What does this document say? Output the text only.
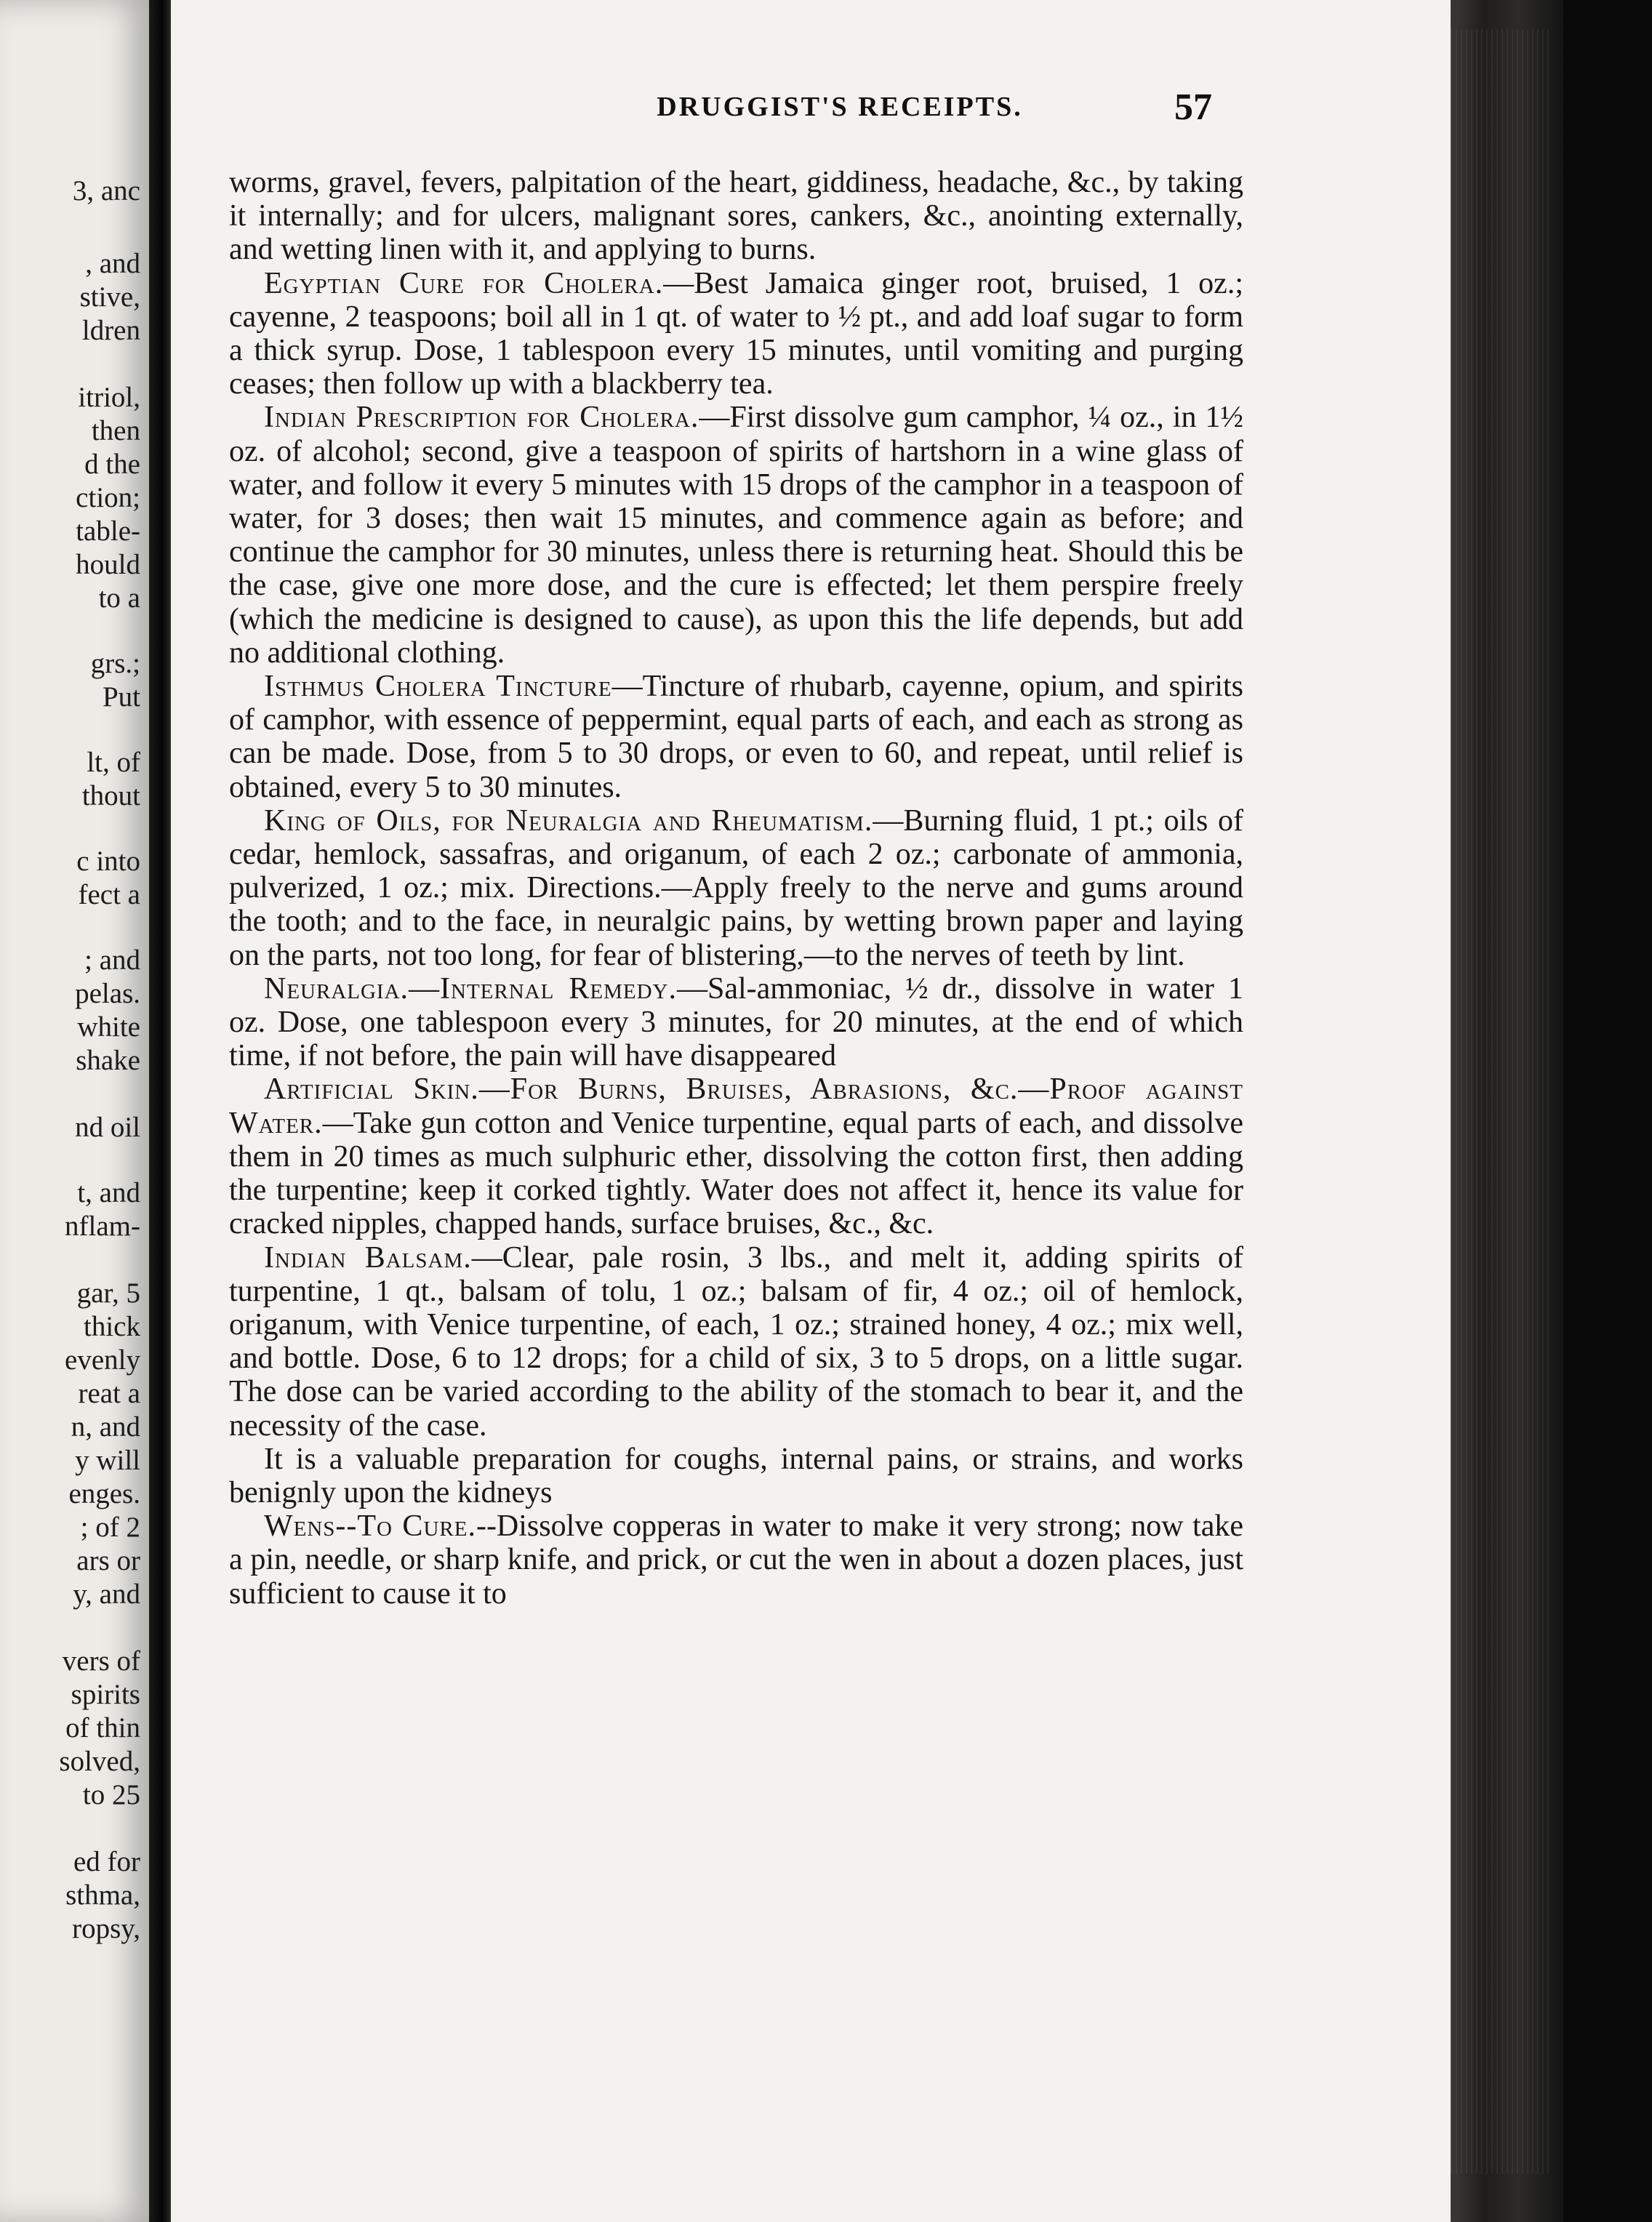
3, anc
, and
stive,
ldren
itriol,
then
d the
ction;
table-
hould
to a
grs.;
Put
lt, of
thout
c into
fect a
; and
pelas.
white
shake
nd oil
t, and
nflam-
gar, 5
thick
evenly
reat a
n, and
y will
enges.
; of 2
ars or
y, and
vers of
spirits
of thin
solved,
to 25
ed for
sthma,
ropsy,
DRUGGIST'S RECEIPTS.	57

worms, gravel, fevers, palpitation of the heart, giddiness, headache, &c., by taking it internally; and for ulcers, malignant sores, cankers, &c., anointing externally, and wetting linen with it, and applying to burns.

Egyptian Cure for Cholera.—Best Jamaica ginger root, bruised, 1 oz.; cayenne, 2 teaspoons; boil all in 1 qt. of water to ½ pt., and add loaf sugar to form a thick syrup. Dose, 1 tablespoon every 15 minutes, until vomiting and purging ceases; then follow up with a blackberry tea.

Indian Prescription for Cholera.—First dissolve gum camphor, ¼ oz., in 1½ oz. of alcohol; second, give a teaspoon of spirits of hartshorn in a wine glass of water, and follow it every 5 minutes with 15 drops of the camphor in a teaspoon of water, for 3 doses; then wait 15 minutes, and commence again as before; and continue the camphor for 30 minutes, unless there is returning heat. Should this be the case, give one more dose, and the cure is effected; let them perspire freely (which the medicine is designed to cause), as upon this the life depends, but add no additional clothing.

Isthmus Cholera Tincture—Tincture of rhubarb, cayenne, opium, and spirits of camphor, with essence of peppermint, equal parts of each, and each as strong as can be made. Dose, from 5 to 30 drops, or even to 60, and repeat, until relief is obtained, every 5 to 30 minutes.

King of Oils, for Neuralgia and Rheumatism.—Burning fluid, 1 pt.; oils of cedar, hemlock, sassafras, and origanum, of each 2 oz.; carbonate of ammonia, pulverized, 1 oz.; mix. Directions.—Apply freely to the nerve and gums around the tooth; and to the face, in neuralgic pains, by wetting brown paper and laying on the parts, not too long, for fear of blistering,—to the nerves of teeth by lint.

Neuralgia.—Internal Remedy.—Sal-ammoniac, ½ dr., dissolve in water 1 oz. Dose, one tablespoon every 3 minutes, for 20 minutes, at the end of which time, if not before, the pain will have disappeared

Artificial Skin.—For Burns, Bruises, Abrasions, &c.—Proof against Water.—Take gun cotton and Venice turpentine, equal parts of each, and dissolve them in 20 times as much sulphuric ether, dissolving the cotton first, then adding the turpentine; keep it corked tightly. Water does not affect it, hence its value for cracked nipples, chapped hands, surface bruises, &c., &c.

Indian Balsam.—Clear, pale rosin, 3 lbs., and melt it, adding spirits of turpentine, 1 qt., balsam of tolu, 1 oz.; balsam of fir, 4 oz.; oil of hemlock, origanum, with Venice turpentine, of each, 1 oz.; strained honey, 4 oz.; mix well, and bottle. Dose, 6 to 12 drops; for a child of six, 3 to 5 drops, on a little sugar. The dose can be varied according to the ability of the stomach to bear it, and the necessity of the case.

It is a valuable preparation for coughs, internal pains, or strains, and works benignly upon the kidneys

Wens--To Cure.--Dissolve copperas in water to make it very strong; now take a pin, needle, or sharp knife, and prick, or cut the wen in about a dozen places, just sufficient to cause it to
